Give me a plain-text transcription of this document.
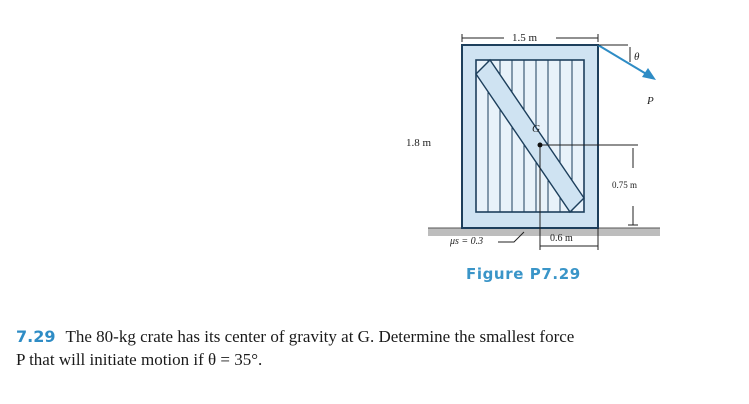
G
1.5 m
1.8 m
θ
P
0.75 m
0.6 m
μs = 0.3
Figure P7.29
7.29 The 80-kg crate has its center of gravity at G. Determine the smallest force
P that will initiate motion if θ = 35°.
